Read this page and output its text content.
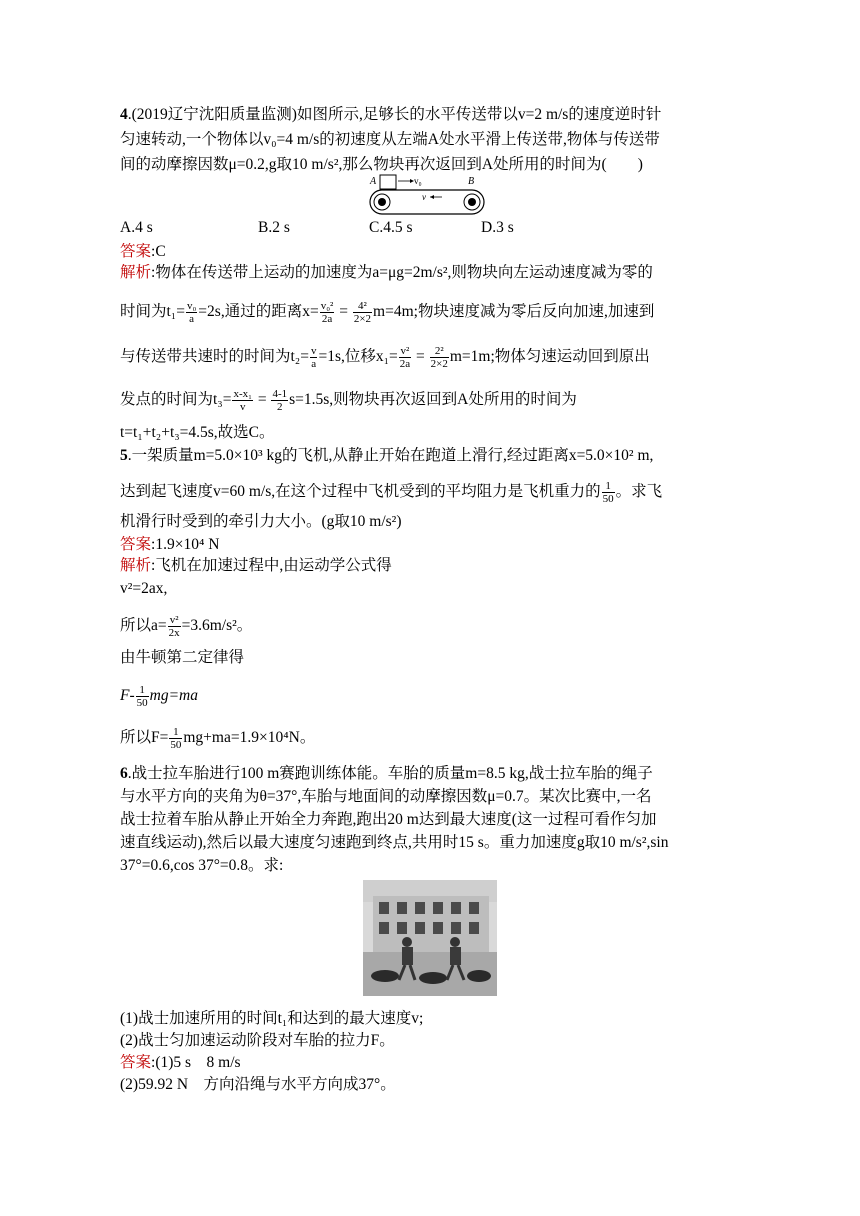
4.(2019辽宁沈阳质量监测)如图所示,足够长的水平传送带以v=2 m/s的速度逆时针
匀速转动,一个物体以v₀=4 m/s的初速度从左端A处水平滑上传送带,物体与传送带
间的动摩擦因数μ=0.2,g取10 m/s²,那么物块再次返回到A处所用的时间为(　　)
A	v₀	B
v
A.4 s	B.2 s	C.4.5 s	D.3 s
答案:C
解析:物体在传送带上运动的加速度为a=μg=2m/s²,则物块向左运动速度减为零的
时间为$t_1= \frac{\text{v₀}}{a} =2s$,通过的距离$x= \frac{\text{v₀²}}{2a} = \frac{\text{4²}}{2\times 2} m=4m$;物块速度减为零后反向加速,加速到
与传送带共速时的时间为$t_2= \frac{v}{a} =1s$,位移$x_1= \frac{\text{v²}}{2a} = \frac{\text{2²}}{2\times 2} m=1m$;物体匀速运动回到原出
发点的时间为$t_3= \frac{\text{x-x₁}}{v} = \frac{4-1}{2} s=1.5s$,则物块再次返回到A处所用的时间为
t=t₁+t₂+t₃=4.5s,故选C。
5.一架质量m=5.0×10³ kg的飞机,从静止开始在跑道上滑行,经过距离x=5.0×10² m,
达到起飞速度v=60 m/s,在这个过程中飞机受到的平均阻力是飞机重力的 $\frac{1}{50}$ 。求飞
机滑行时受到的牵引力大小。(g取10 m/s²)
答案:1.9×10⁴ N
解析:飞机在加速过程中,由运动学公式得
v²=2ax,
所以$a= \frac{\text{v²}}{2x} =3.6m/s^2$。
由牛顿第二定律得
$F- \frac{1}{50} mg=ma$
所以$F= \frac{1}{50} mg+ma=1.9\times 10^4N$。
6.战士拉车胎进行100 m赛跑训练体能。车胎的质量m=8.5 kg,战士拉车胎的绳子
与水平方向的夹角为θ=37°,车胎与地面间的动摩擦因数μ=0.7。某次比赛中,一名
战士拉着车胎从静止开始全力奔跑,跑出20 m达到最大速度(这一过程可看作匀加
速直线运动),然后以最大速度匀速跑到终点,共用时15 s。重力加速度g取10 m/s²,sin
37°=0.6,cos 37°=0.8。求:
(1)战士加速所用的时间t₁和达到的最大速度v;
(2)战士匀加速运动阶段对车胎的拉力F。
答案:(1)5 s　8 m/s
(2)59.92 N　方向沿绳与水平方向成37°。
